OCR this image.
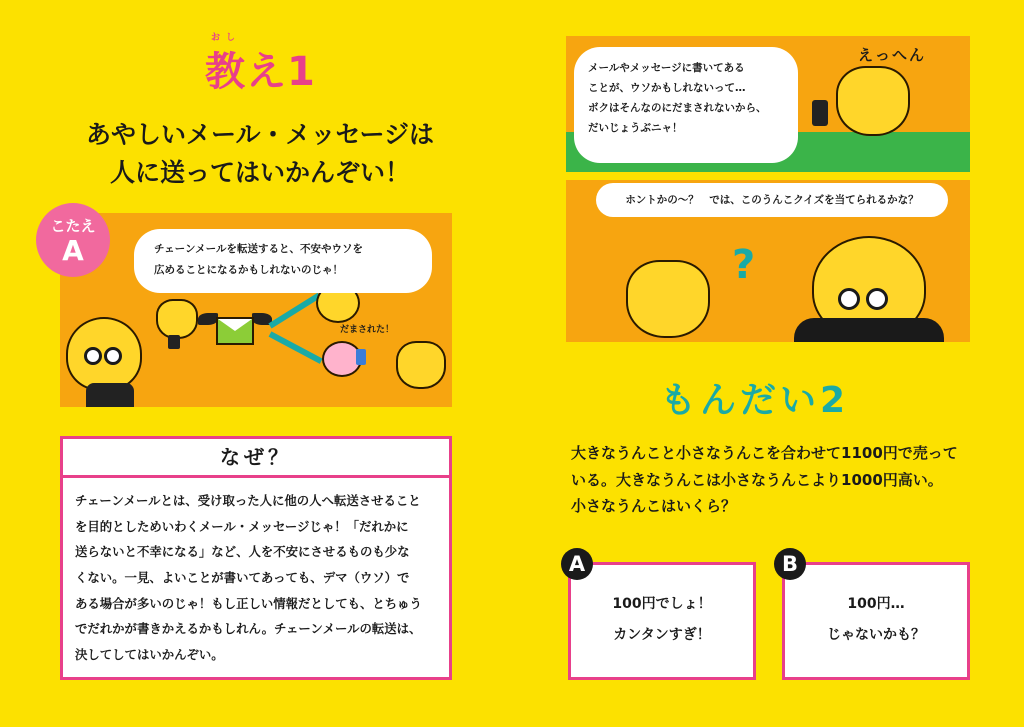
おし
教え1
あやしいメール・メッセージは
人に送ってはいかんぞい！
だまされた！
こたえ
A	チェーンメールを転送すると、不安やウソを
広めることになるかもしれないのじゃ！
なぜ？
チェーンメールとは、受け取った人に他の人へ転送させること
を目的としためいわくメール・メッセージじゃ！「だれかに
送らないと不幸になる」など、人を不安にさせるものも少な
くない。一見、よいことが書いてあっても、デマ（ウソ）で
ある場合が多いのじゃ！もし正しい情報だとしても、とちゅう
でだれかが書きかえるかもしれん。チェーンメールの転送は、
決してしてはいかんぞい。
メールやメッセージに書いてある
ことが、ウソかもしれないって…
ボクはそんなのにだまされないから、
だいじょうぶニャ！
えっへん
?
ホントかの〜？　では、このうんこクイズを当てられるかな？
もんだい2
大きなうんこと小さなうんこを合わせて1100円で売って
いる。大きなうんこは小さなうんこより1000円高い。
小さなうんこはいくら？
100円でしょ！
カンタンすぎ！
A
100円…
じゃないかも？
B
